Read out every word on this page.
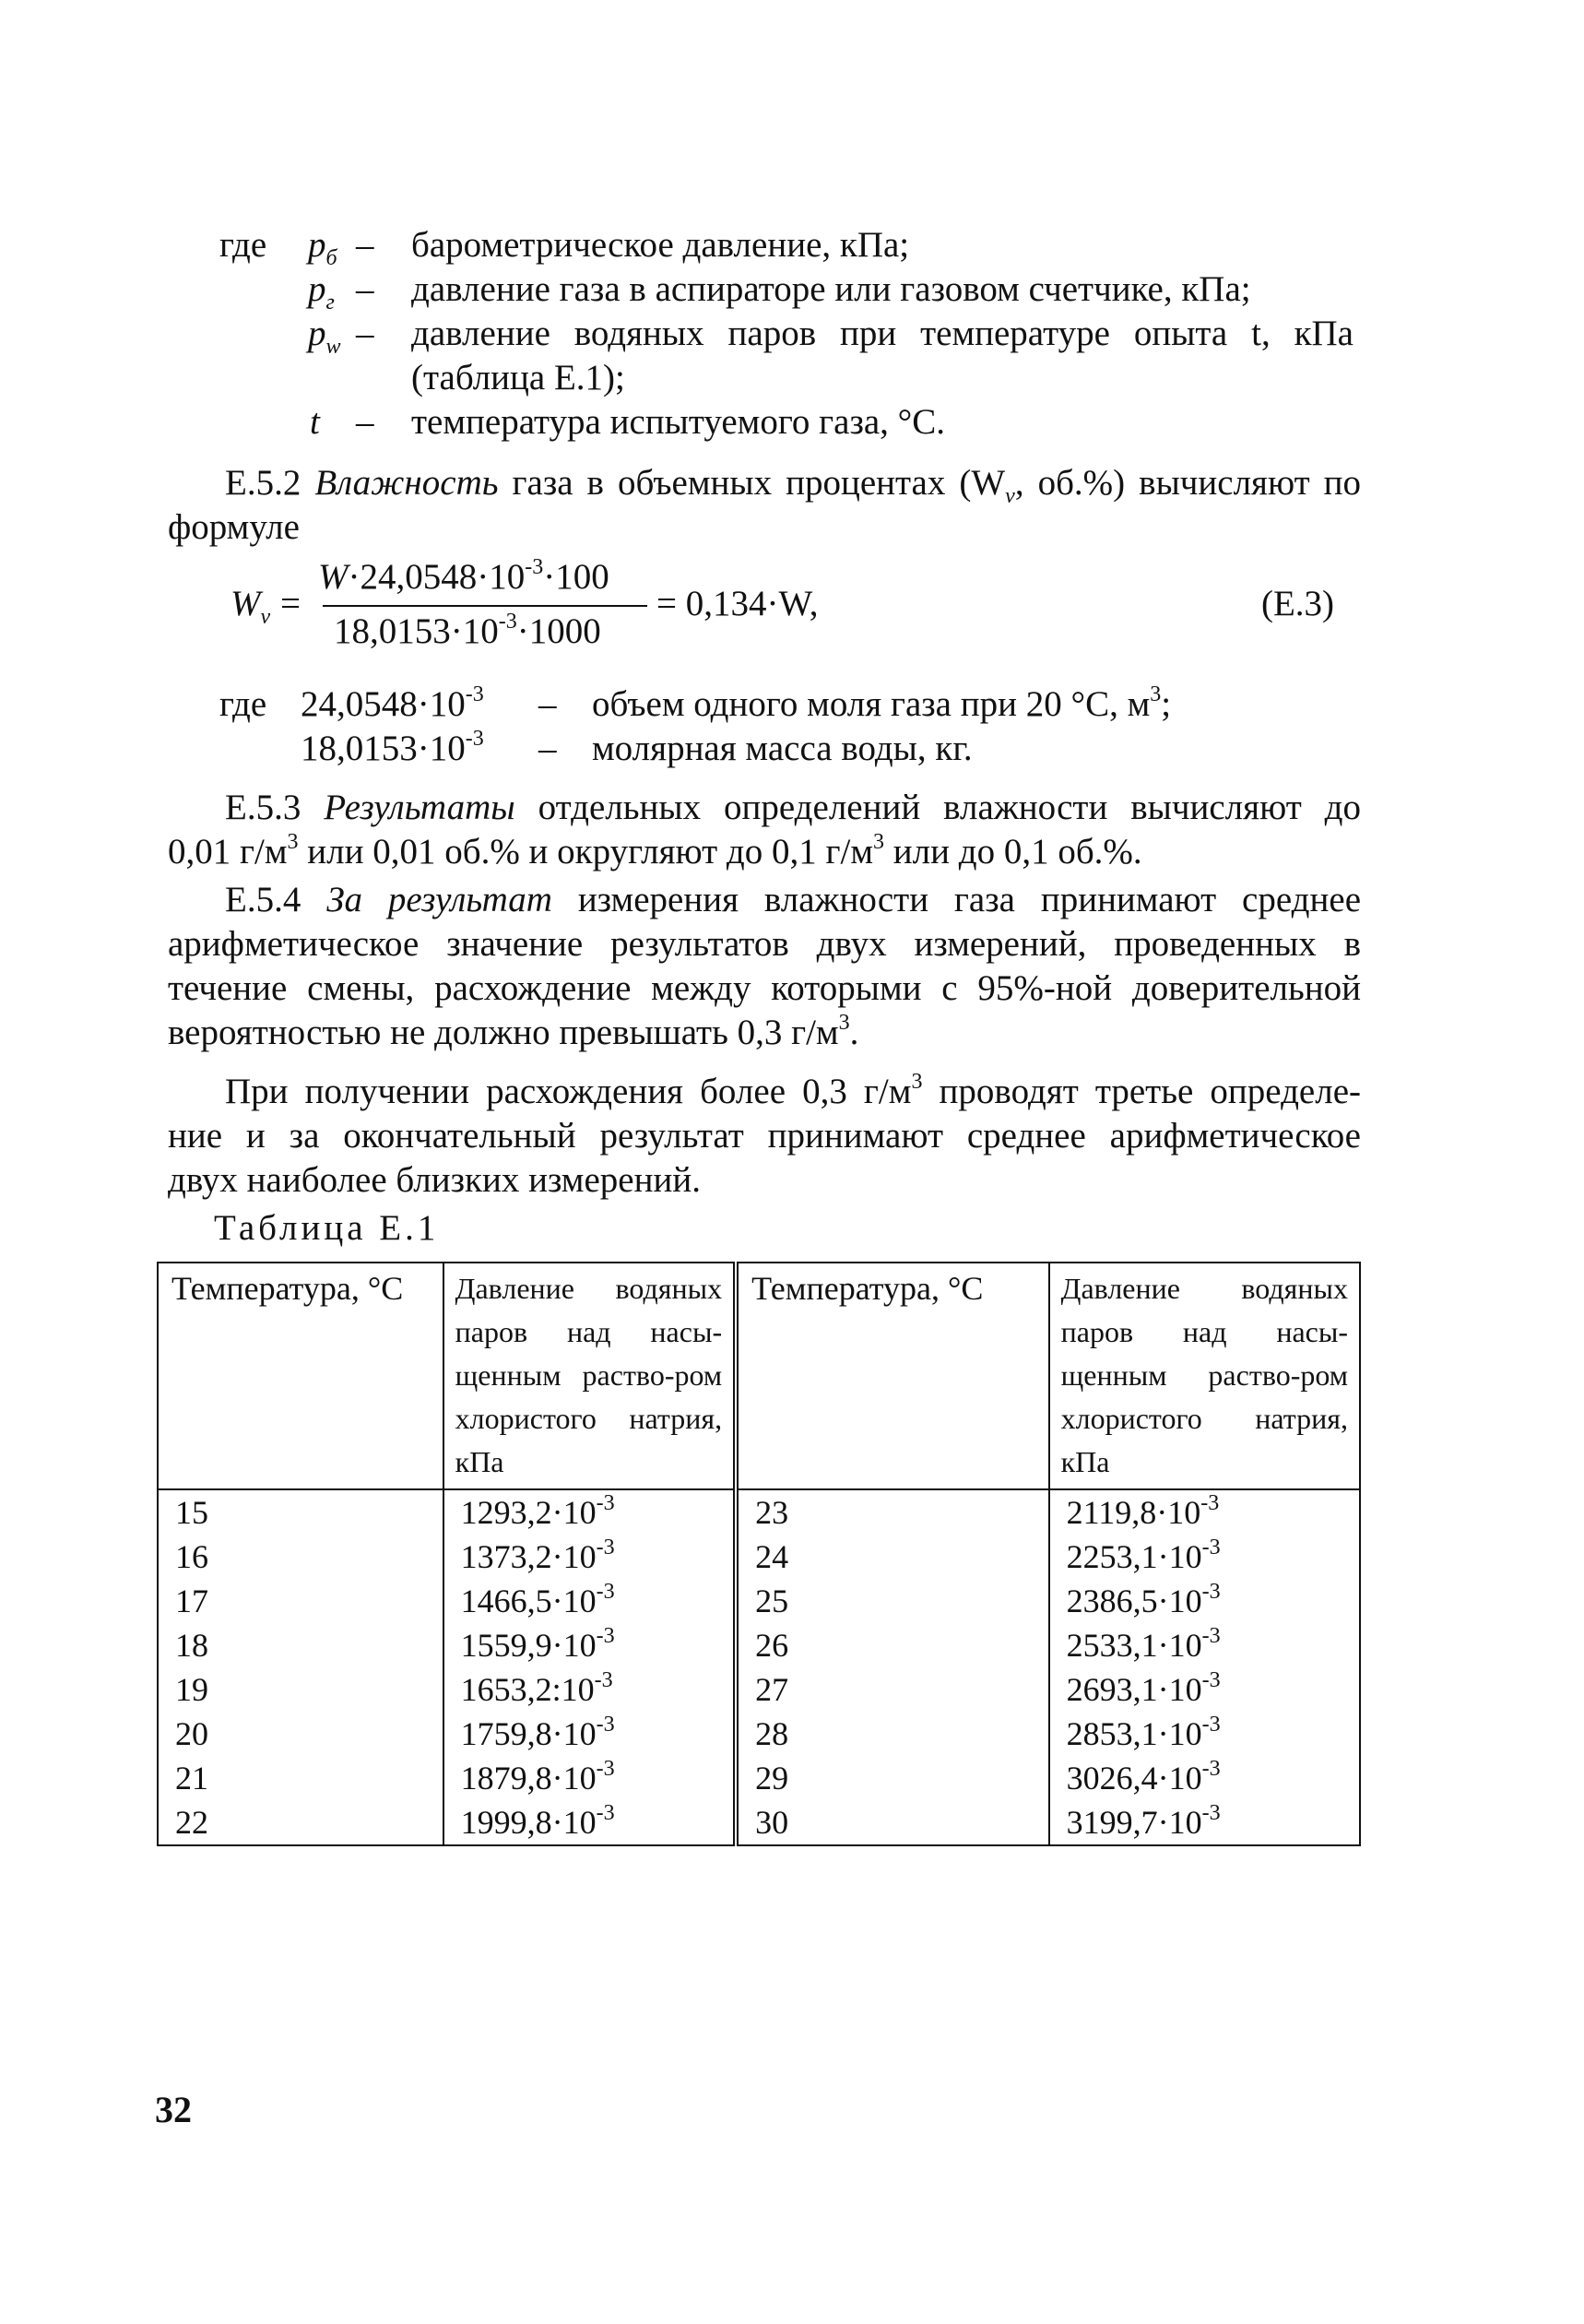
где $p_б$ – барометрическое давление, кПа;
$p_г$ – давление газа в аспираторе или газовом счетчике, кПа;
$p_w$ – давление водяных паров при температуре опыта t, кПа
(таблица Е.1);
t – температура испытуемого газа, °С.
Е.5.2 Влажность газа в объемных процентах ($W_v$, об.%) вычисляют по
формуле
$W_v$ =
$W\cdot 24,0548\cdot 10^{-3}\cdot 100$
$18,0153\cdot 10^{-3}\cdot 1000$
= 0,134·W,	(Е.3)
где $24,0548\cdot 10^{-3}$ – объем одного моля газа при 20 °С, $м^3$;
$18,0153\cdot 10^{-3}$ – молярная масса воды, кг.
Е.5.3 Результаты отдельных определений влажности вычисляют до
0,01 $г/м^3$ или 0,01 об.% и округляют до 0,1 $г/м^3$ или до 0,1 об.%.
Е.5.4 За результат измерения влажности газа принимают среднее
арифметическое значение результатов двух измерений, проведенных в
течение смены, расхождение между которыми с 95%-ной доверительной
вероятностью не должно превышать 0,3 $г/м^3$.
При получении расхождения более 0,3 $г/м^3$ проводят третье определе-
ние и за окончательный результат принимают среднее арифметическое
двух наиболее близких измерений.
Таблица Е.1
Температура, °С	Давление водяных паров над насы-щенным раство-ром хлористого натрия, кПа	Температура, °С	Давление водяных паров над насы-щенным раство-ром хлористого натрия, кПа
15	$1293,2\cdot 10^{-3}$	23	$2119,8\cdot 10^{-3}$
16	$1373,2\cdot 10^{-3}$	24	$2253,1\cdot 10^{-3}$
17	$1466,5\cdot 10^{-3}$	25	$2386,5\cdot 10^{-3}$
18	$1559,9\cdot 10^{-3}$	26	$2533,1\cdot 10^{-3}$
19	$1653,2:10^{-3}$	27	$2693,1\cdot 10^{-3}$
20	$1759,8\cdot 10^{-3}$	28	$2853,1\cdot 10^{-3}$
21	$1879,8\cdot 10^{-3}$	29	$3026,4\cdot 10^{-3}$
22	$1999,8\cdot 10^{-3}$	30	$3199,7\cdot 10^{-3}$
32
